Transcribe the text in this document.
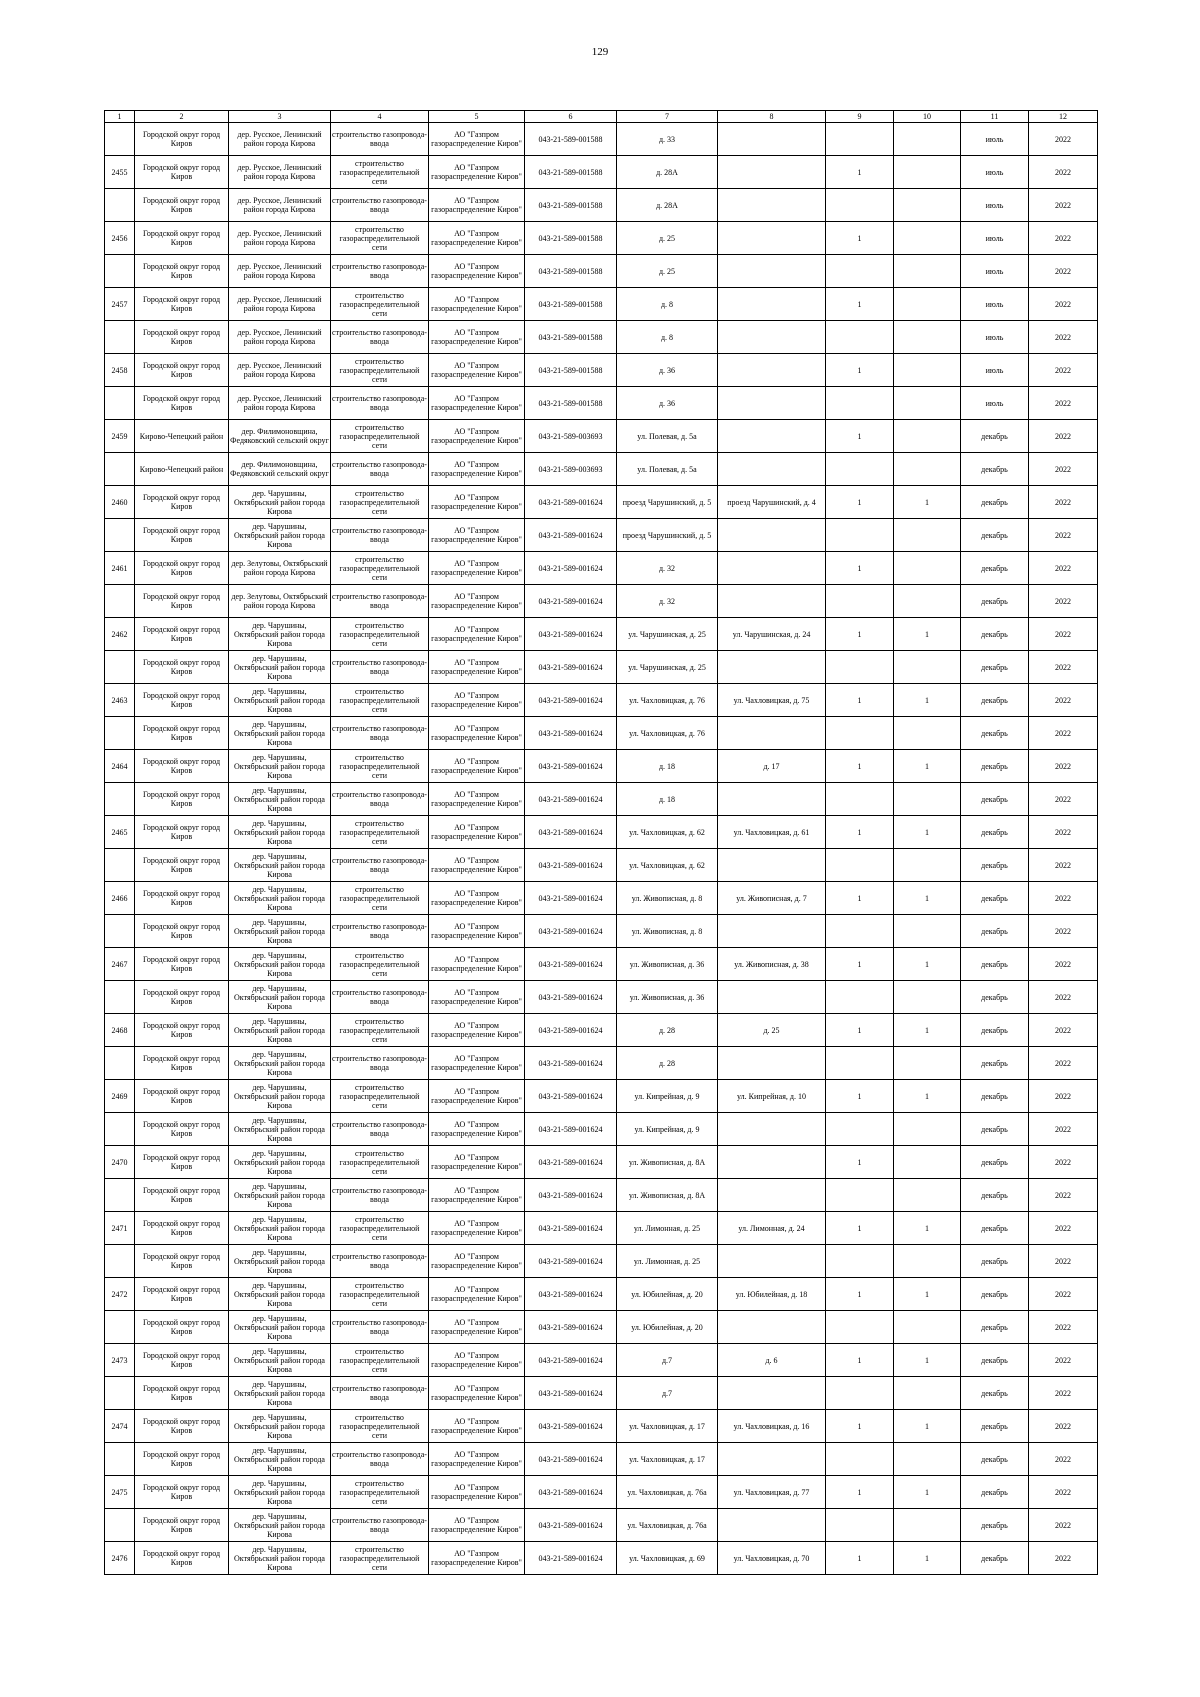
129
1	2	3	4	5	6	7	8	9	10	11	12

	Городской округ город Киров	дер. Русское, Ленинский район города Кирова	строительство газопровода-ввода	АО "Газпром газораспределение Киров"	043-21-589-001588	д. 33				июль	2022

2455	Городской округ город Киров	дер. Русское, Ленинский район города Кирова	строительство газораспределительной сети	АО "Газпром газораспределение Киров"	043-21-589-001588	д. 28А		1		июль	2022

	Городской округ город Киров	дер. Русское, Ленинский район города Кирова	строительство газопровода-ввода	АО "Газпром газораспределение Киров"	043-21-589-001588	д. 28А				июль	2022

2456	Городской округ город Киров	дер. Русское, Ленинский район города Кирова	строительство газораспределительной сети	АО "Газпром газораспределение Киров"	043-21-589-001588	д. 25		1		июль	2022

	Городской округ город Киров	дер. Русское, Ленинский район города Кирова	строительство газопровода-ввода	АО "Газпром газораспределение Киров"	043-21-589-001588	д. 25				июль	2022

2457	Городской округ город Киров	дер. Русское, Ленинский район города Кирова	строительство газораспределительной сети	АО "Газпром газораспределение Киров"	043-21-589-001588	д. 8		1		июль	2022

	Городской округ город Киров	дер. Русское, Ленинский район города Кирова	строительство газопровода-ввода	АО "Газпром газораспределение Киров"	043-21-589-001588	д. 8				июль	2022

2458	Городской округ город Киров	дер. Русское, Ленинский район города Кирова	строительство газораспределительной сети	АО "Газпром газораспределение Киров"	043-21-589-001588	д. 36		1		июль	2022

	Городской округ город Киров	дер. Русское, Ленинский район города Кирова	строительство газопровода-ввода	АО "Газпром газораспределение Киров"	043-21-589-001588	д. 36				июль	2022

2459	Кирово-Чепецкий район	дер. Филимоновщина, Федяковский сельский округ	строительство газораспределительной сети	АО "Газпром газораспределение Киров"	043-21-589-003693	ул. Полевая, д. 5а		1		декабрь	2022

	Кирово-Чепецкий район	дер. Филимоновщина, Федяковский сельский округ	строительство газопровода-ввода	АО "Газпром газораспределение Киров"	043-21-589-003693	ул. Полевая, д. 5а				декабрь	2022

2460	Городской округ город Киров	дер. Чарушины, Октябрьский район города Кирова	строительство газораспределительной сети	АО "Газпром газораспределение Киров"	043-21-589-001624	проезд Чарушинский, д. 5	проезд Чарушинский, д. 4	1	1	декабрь	2022

	Городской округ город Киров	дер. Чарушины, Октябрьский район города Кирова	строительство газопровода-ввода	АО "Газпром газораспределение Киров"	043-21-589-001624	проезд Чарушинский, д. 5				декабрь	2022

2461	Городской округ город Киров	дер. Зелутовы, Октябрьский район города Кирова	строительство газораспределительной сети	АО "Газпром газораспределение Киров"	043-21-589-001624	д. 32		1		декабрь	2022

	Городской округ город Киров	дер. Зелутовы, Октябрьский район города Кирова	строительство газопровода-ввода	АО "Газпром газораспределение Киров"	043-21-589-001624	д. 32				декабрь	2022

2462	Городской округ город Киров	дер. Чарушины, Октябрьский район города Кирова	строительство газораспределительной сети	АО "Газпром газораспределение Киров"	043-21-589-001624	ул. Чарушинская, д. 25	ул. Чарушинская, д. 24	1	1	декабрь	2022

	Городской округ город Киров	дер. Чарушины, Октябрьский район города Кирова	строительство газопровода-ввода	АО "Газпром газораспределение Киров"	043-21-589-001624	ул. Чарушинская, д. 25				декабрь	2022

2463	Городской округ город Киров	дер. Чарушины, Октябрьский район города Кирова	строительство газораспределительной сети	АО "Газпром газораспределение Киров"	043-21-589-001624	ул. Чахловицкая, д. 76	ул. Чахловицкая, д. 75	1	1	декабрь	2022

	Городской округ город Киров	дер. Чарушины, Октябрьский район города Кирова	строительство газопровода-ввода	АО "Газпром газораспределение Киров"	043-21-589-001624	ул. Чахловицкая, д. 76				декабрь	2022

2464	Городской округ город Киров	дер. Чарушины, Октябрьский район города Кирова	строительство газораспределительной сети	АО "Газпром газораспределение Киров"	043-21-589-001624	д. 18	д. 17	1	1	декабрь	2022

	Городской округ город Киров	дер. Чарушины, Октябрьский район города Кирова	строительство газопровода-ввода	АО "Газпром газораспределение Киров"	043-21-589-001624	д. 18				декабрь	2022

2465	Городской округ город Киров	дер. Чарушины, Октябрьский район города Кирова	строительство газораспределительной сети	АО "Газпром газораспределение Киров"	043-21-589-001624	ул. Чахловицкая, д. 62	ул. Чахловицкая, д. 61	1	1	декабрь	2022

	Городской округ город Киров	дер. Чарушины, Октябрьский район города Кирова	строительство газопровода-ввода	АО "Газпром газораспределение Киров"	043-21-589-001624	ул. Чахловицкая, д. 62				декабрь	2022

2466	Городской округ город Киров	дер. Чарушины, Октябрьский район города Кирова	строительство газораспределительной сети	АО "Газпром газораспределение Киров"	043-21-589-001624	ул. Живописная, д. 8	ул. Живописная, д. 7	1	1	декабрь	2022

	Городской округ город Киров	дер. Чарушины, Октябрьский район города Кирова	строительство газопровода-ввода	АО "Газпром газораспределение Киров"	043-21-589-001624	ул. Живописная, д. 8				декабрь	2022

2467	Городской округ город Киров	дер. Чарушины, Октябрьский район города Кирова	строительство газораспределительной сети	АО "Газпром газораспределение Киров"	043-21-589-001624	ул. Живописная, д. 36	ул. Живописная, д. 38	1	1	декабрь	2022

	Городской округ город Киров	дер. Чарушины, Октябрьский район города Кирова	строительство газопровода-ввода	АО "Газпром газораспределение Киров"	043-21-589-001624	ул. Живописная, д. 36				декабрь	2022

2468	Городской округ город Киров	дер. Чарушины, Октябрьский район города Кирова	строительство газораспределительной сети	АО "Газпром газораспределение Киров"	043-21-589-001624	д. 28	д. 25	1	1	декабрь	2022

	Городской округ город Киров	дер. Чарушины, Октябрьский район города Кирова	строительство газопровода-ввода	АО "Газпром газораспределение Киров"	043-21-589-001624	д. 28				декабрь	2022

2469	Городской округ город Киров	дер. Чарушины, Октябрьский район города Кирова	строительство газораспределительной сети	АО "Газпром газораспределение Киров"	043-21-589-001624	ул. Кипрейная, д. 9	ул. Кипрейная, д. 10	1	1	декабрь	2022

	Городской округ город Киров	дер. Чарушины, Октябрьский район города Кирова	строительство газопровода-ввода	АО "Газпром газораспределение Киров"	043-21-589-001624	ул. Кипрейная, д. 9				декабрь	2022

2470	Городской округ город Киров	дер. Чарушины, Октябрьский район города Кирова	строительство газораспределительной сети	АО "Газпром газораспределение Киров"	043-21-589-001624	ул. Живописная, д. 8А		1		декабрь	2022

	Городской округ город Киров	дер. Чарушины, Октябрьский район города Кирова	строительство газопровода-ввода	АО "Газпром газораспределение Киров"	043-21-589-001624	ул. Живописная, д. 8А				декабрь	2022

2471	Городской округ город Киров	дер. Чарушины, Октябрьский район города Кирова	строительство газораспределительной сети	АО "Газпром газораспределение Киров"	043-21-589-001624	ул. Лимонная, д. 25	ул. Лимонная, д. 24	1	1	декабрь	2022

	Городской округ город Киров	дер. Чарушины, Октябрьский район города Кирова	строительство газопровода-ввода	АО "Газпром газораспределение Киров"	043-21-589-001624	ул. Лимонная, д. 25				декабрь	2022

2472	Городской округ город Киров	дер. Чарушины, Октябрьский район города Кирова	строительство газораспределительной сети	АО "Газпром газораспределение Киров"	043-21-589-001624	ул. Юбилейная, д. 20	ул. Юбилейная, д. 18	1	1	декабрь	2022

	Городской округ город Киров	дер. Чарушины, Октябрьский район города Кирова	строительство газопровода-ввода	АО "Газпром газораспределение Киров"	043-21-589-001624	ул. Юбилейная, д. 20				декабрь	2022

2473	Городской округ город Киров	дер. Чарушины, Октябрьский район города Кирова	строительство газораспределительной сети	АО "Газпром газораспределение Киров"	043-21-589-001624	д.7	д. 6	1	1	декабрь	2022

	Городской округ город Киров	дер. Чарушины, Октябрьский район города Кирова	строительство газопровода-ввода	АО "Газпром газораспределение Киров"	043-21-589-001624	д.7				декабрь	2022

2474	Городской округ город Киров	дер. Чарушины, Октябрьский район города Кирова	строительство газораспределительной сети	АО "Газпром газораспределение Киров"	043-21-589-001624	ул. Чахловицкая, д. 17	ул. Чахловицкая, д. 16	1	1	декабрь	2022

	Городской округ город Киров	дер. Чарушины, Октябрьский район города Кирова	строительство газопровода-ввода	АО "Газпром газораспределение Киров"	043-21-589-001624	ул. Чахловицкая, д. 17				декабрь	2022

2475	Городской округ город Киров	дер. Чарушины, Октябрьский район города Кирова	строительство газораспределительной сети	АО "Газпром газораспределение Киров"	043-21-589-001624	ул. Чахловицкая, д. 76а	ул. Чахловицкая, д. 77	1	1	декабрь	2022

	Городской округ город Киров	дер. Чарушины, Октябрьский район города Кирова	строительство газопровода-ввода	АО "Газпром газораспределение Киров"	043-21-589-001624	ул. Чахловицкая, д. 76а				декабрь	2022

2476	Городской округ город Киров	дер. Чарушины, Октябрьский район города Кирова	строительство газораспределительной сети	АО "Газпром газораспределение Киров"	043-21-589-001624	ул. Чахловицкая, д. 69	ул. Чахловицкая, д. 70	1	1	декабрь	2022
